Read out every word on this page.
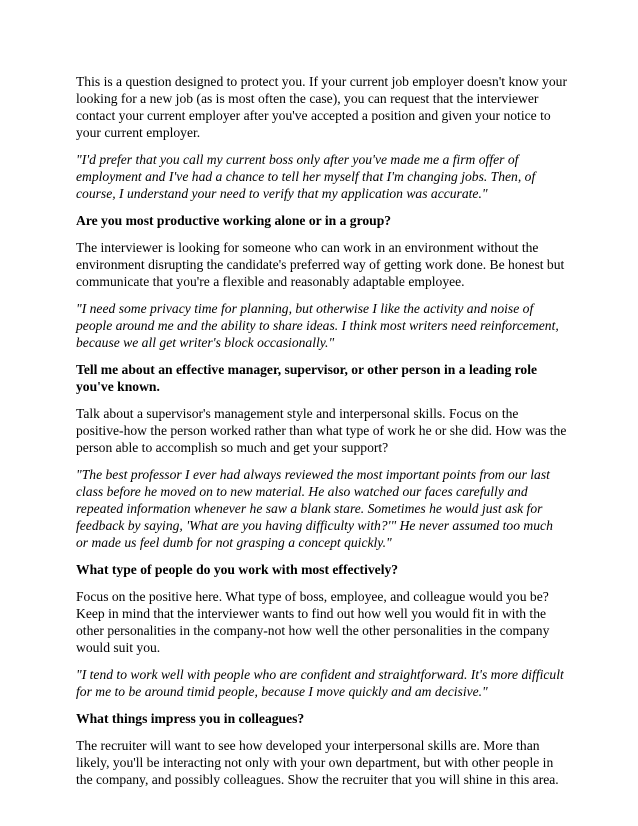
This is a question designed to protect you. If your current job employer doesn't know your looking for a new job (as is most often the case), you can request that the interviewer contact your current employer after you've accepted a position and given your notice to your current employer.

"I'd prefer that you call my current boss only after you've made me a firm offer of employment and I've had a chance to tell her myself that I'm changing jobs. Then, of course, I understand your need to verify that my application was accurate."

Are you most productive working alone or in a group?

The interviewer is looking for someone who can work in an environment without the environment disrupting the candidate's preferred way of getting work done. Be honest but communicate that you're a flexible and reasonably adaptable employee.

"I need some privacy time for planning, but otherwise I like the activity and noise of people around me and the ability to share ideas. I think most writers need reinforcement, because we all get writer's block occasionally."

Tell me about an effective manager, supervisor, or other person in a leading role you've known.

Talk about a supervisor's management style and interpersonal skills. Focus on the positive-how the person worked rather than what type of work he or she did. How was the person able to accomplish so much and get your support?

"The best professor I ever had always reviewed the most important points from our last class before he moved on to new material. He also watched our faces carefully and repeated information whenever he saw a blank stare. Sometimes he would just ask for feedback by saying, 'What are you having difficulty with?'" He never assumed too much or made us feel dumb for not grasping a concept quickly."

What type of people do you work with most effectively?

Focus on the positive here. What type of boss, employee, and colleague would you be? Keep in mind that the interviewer wants to find out how well you would fit in with the other personalities in the company-not how well the other personalities in the company would suit you.

"I tend to work well with people who are confident and straightforward. It's more difficult for me to be around timid people, because I move quickly and am decisive."

What things impress you in colleagues?

The recruiter will want to see how developed your interpersonal skills are. More than likely, you'll be interacting not only with your own department, but with other people in the company, and possibly colleagues. Show the recruiter that you will shine in this area.
